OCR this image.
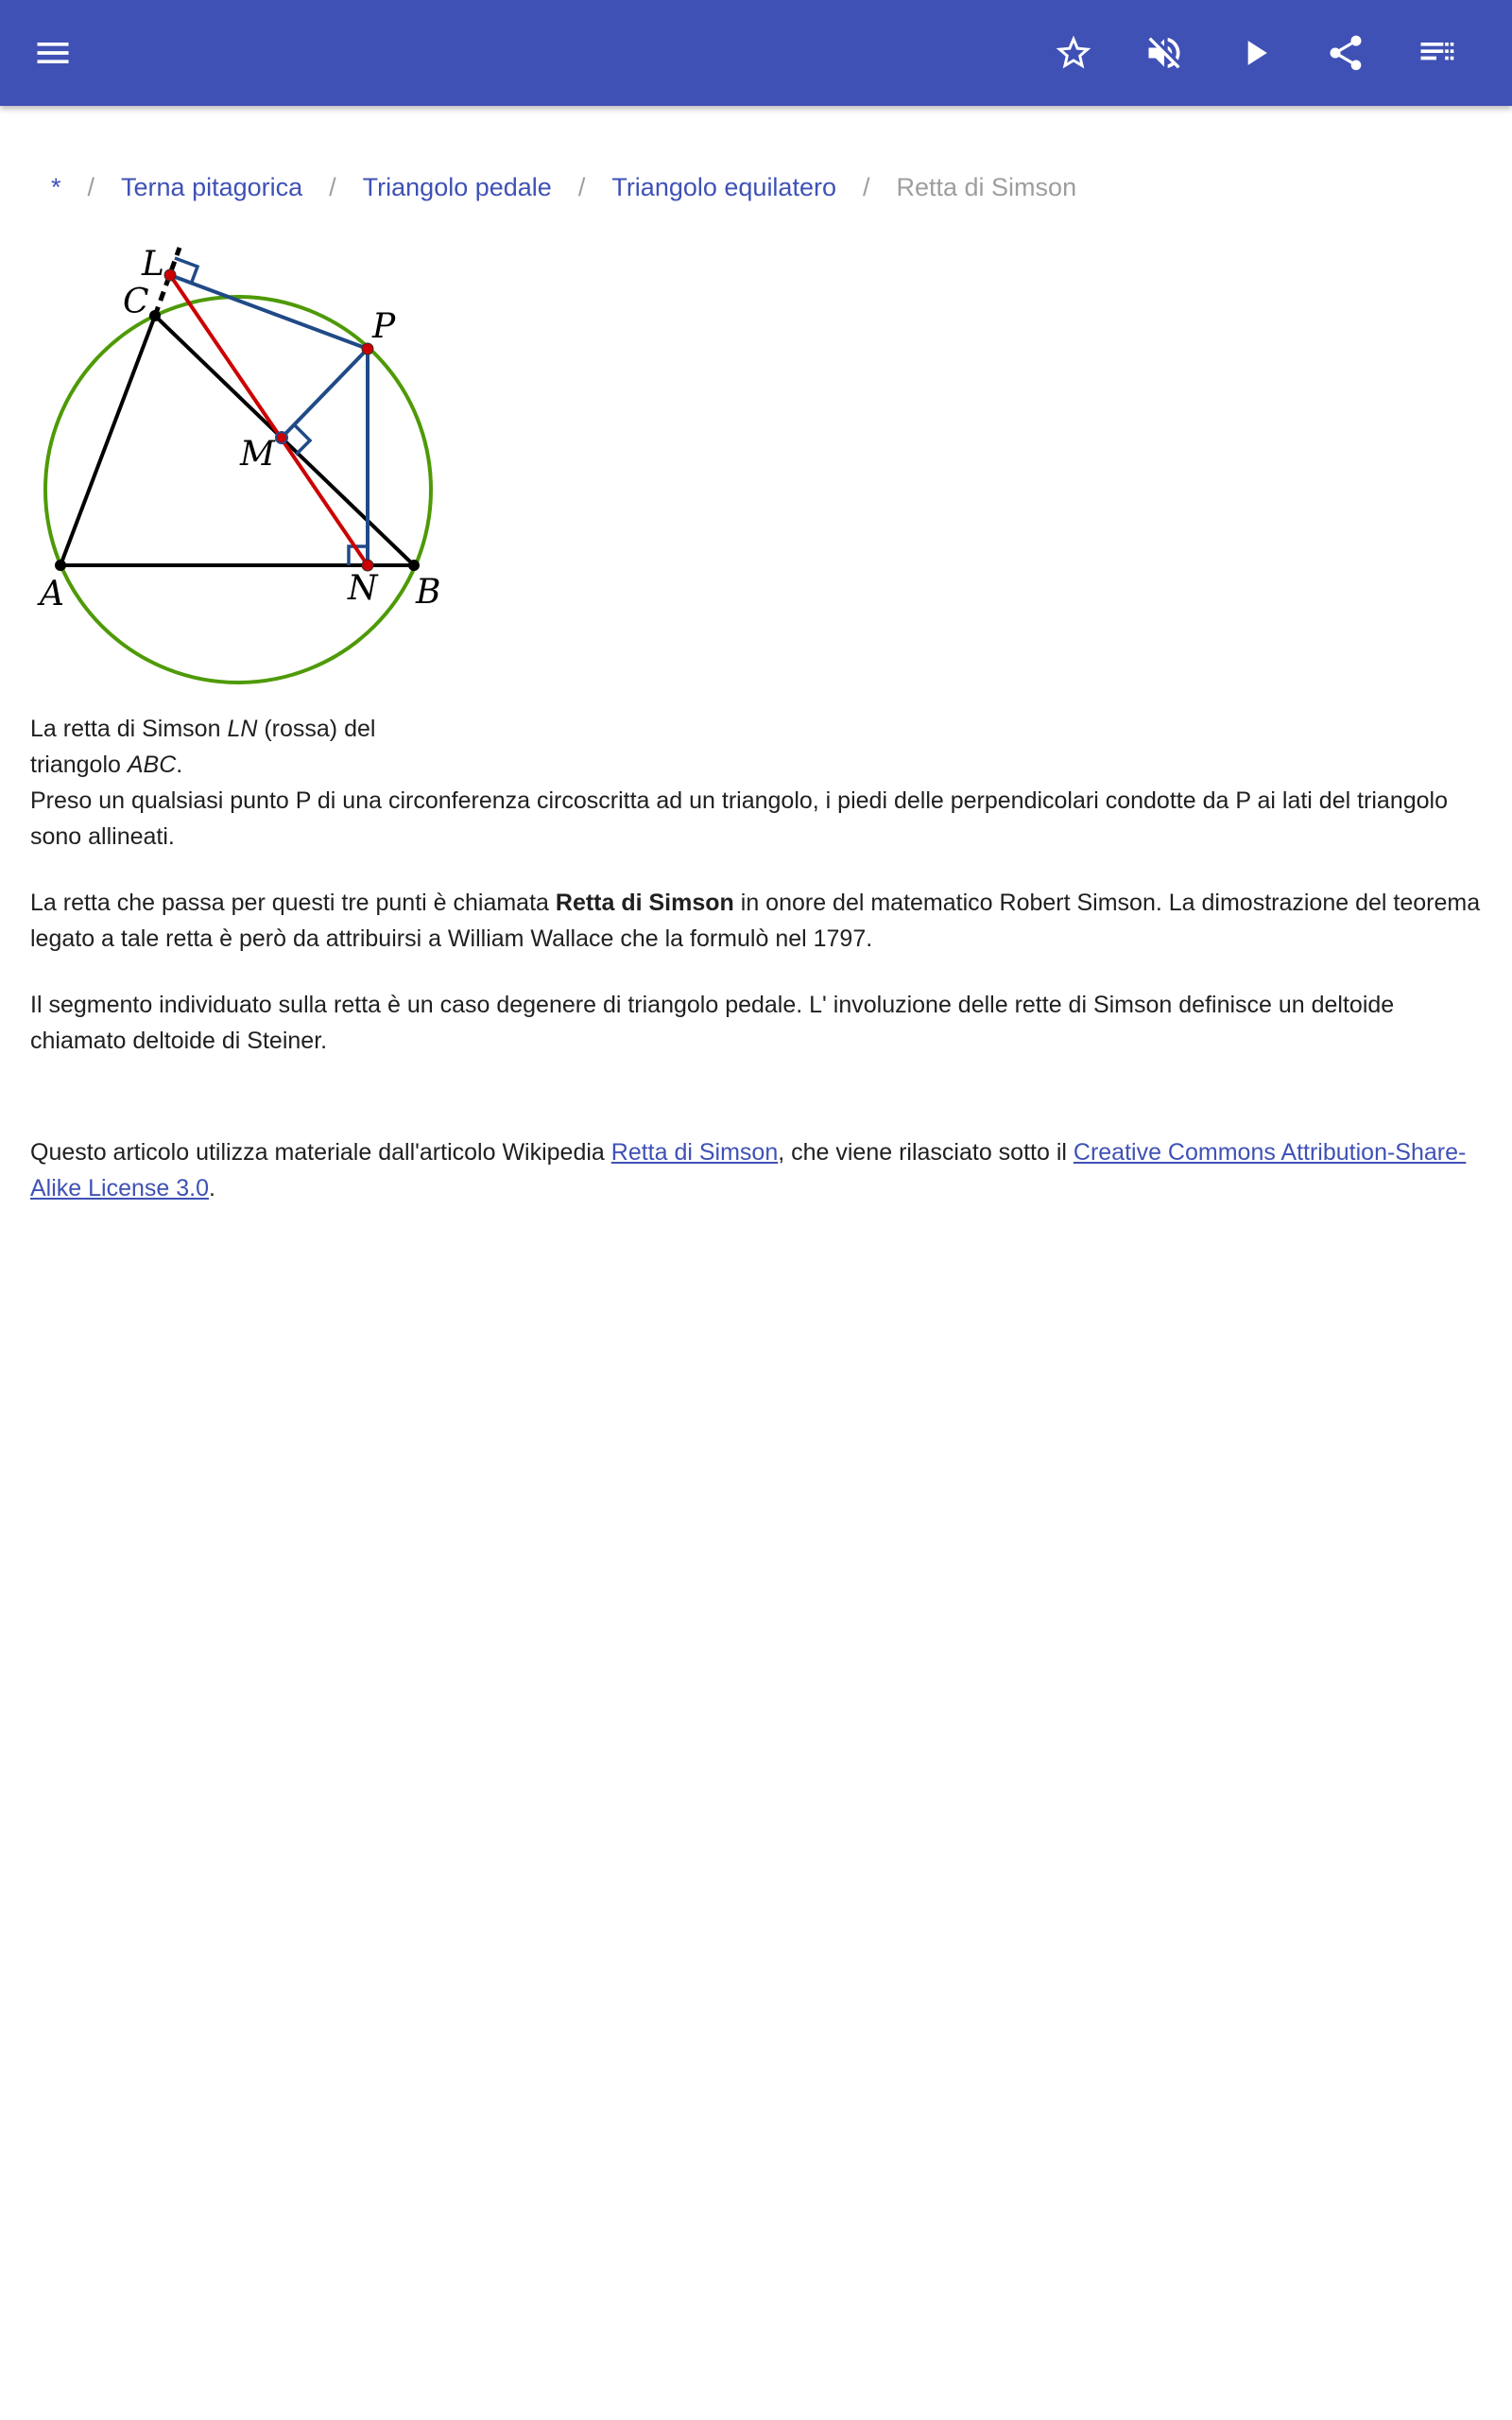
* / Terna pitagorica / Triangolo pedale / Triangolo equilatero / Retta di Simson
L
C
P
M
A	N B
La retta di Simson LN (rossa) del triangolo ABC.

Preso un qualsiasi punto P di una circonferenza circoscritta ad un triangolo, i piedi delle perpendicolari condotte da P ai lati del triangolo sono allineati.

La retta che passa per questi tre punti è chiamata Retta di Simson in onore del matematico Robert Simson. La dimostrazione del teorema legato a tale retta è però da attribuirsi a William Wallace che la formulò nel 1797.

Il segmento individuato sulla retta è un caso degenere di triangolo pedale. L' involuzione delle rette di Simson definisce un deltoide chiamato deltoide di Steiner.

Questo articolo utilizza materiale dall'articolo Wikipedia Retta di Simson, che viene rilasciato sotto il Creative Commons Attribution-Share-Alike License 3.0.
